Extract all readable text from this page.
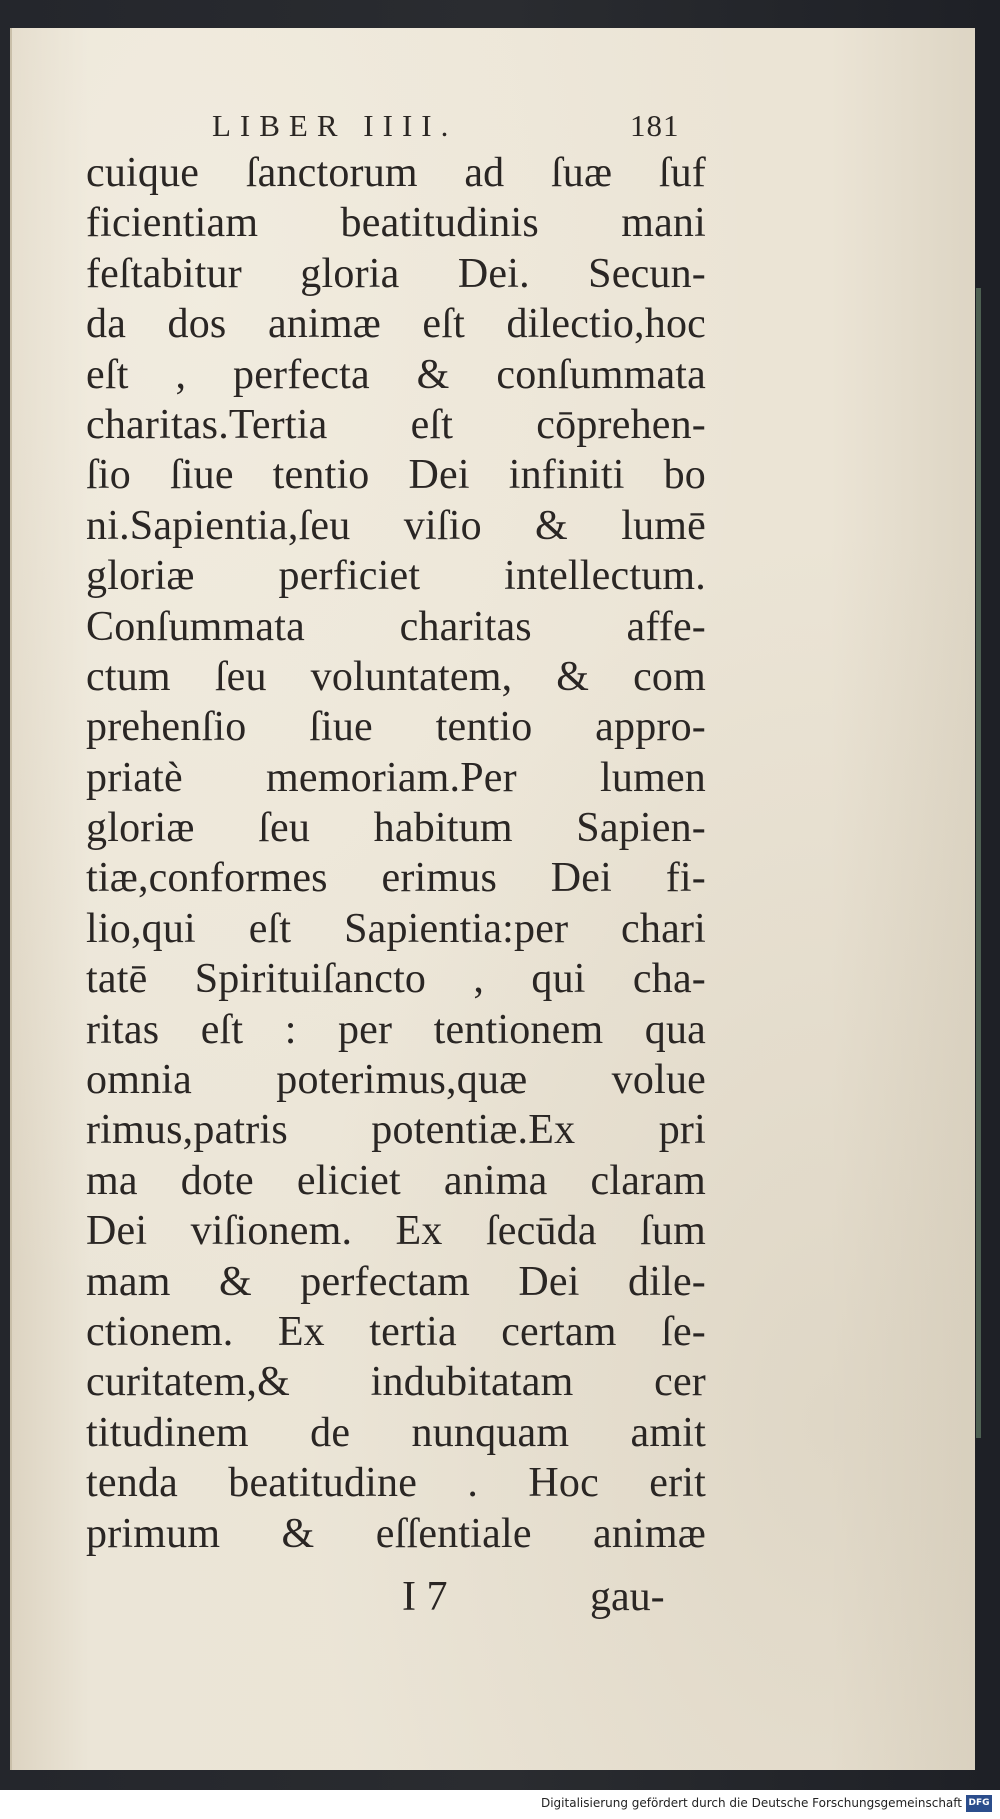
LIBER IIII.	181
cuique ſanctorum ad ſuæ ſuf
ficientiam beatitudinis mani
feſtabitur gloria Dei. Secun-
da dos animæ eſt dilectio,hoc
eſt , perfecta & conſummata
charitas.Tertia eſt cōprehen-
ſio ſiue tentio Dei infiniti bo
ni.Sapientia,ſeu viſio & lumē
gloriæ perficiet intellectum.
Conſummata charitas affe-
ctum ſeu voluntatem, & com
prehenſio ſiue tentio appro-
priatè memoriam.Per lumen
gloriæ ſeu habitum Sapien-
tiæ,conformes erimus Dei fi-
lio,qui eſt Sapientia:per chari
tatē Spirituiſancto , qui cha-
ritas eſt : per tentionem qua
omnia poterimus,quæ volue
rimus,patris potentiæ.Ex pri
ma dote eliciet anima claram
Dei viſionem. Ex ſecūda ſum
mam & perfectam Dei dile-
ctionem. Ex tertia certam ſe-
curitatem,& indubitatam cer
titudinem de nunquam amit
tenda beatitudine . Hoc erit
primum & eſſentiale animæ
I 7	gau-
Digitalisierung gefördert durch die Deutsche Forschungsgemeinschaft DFG
